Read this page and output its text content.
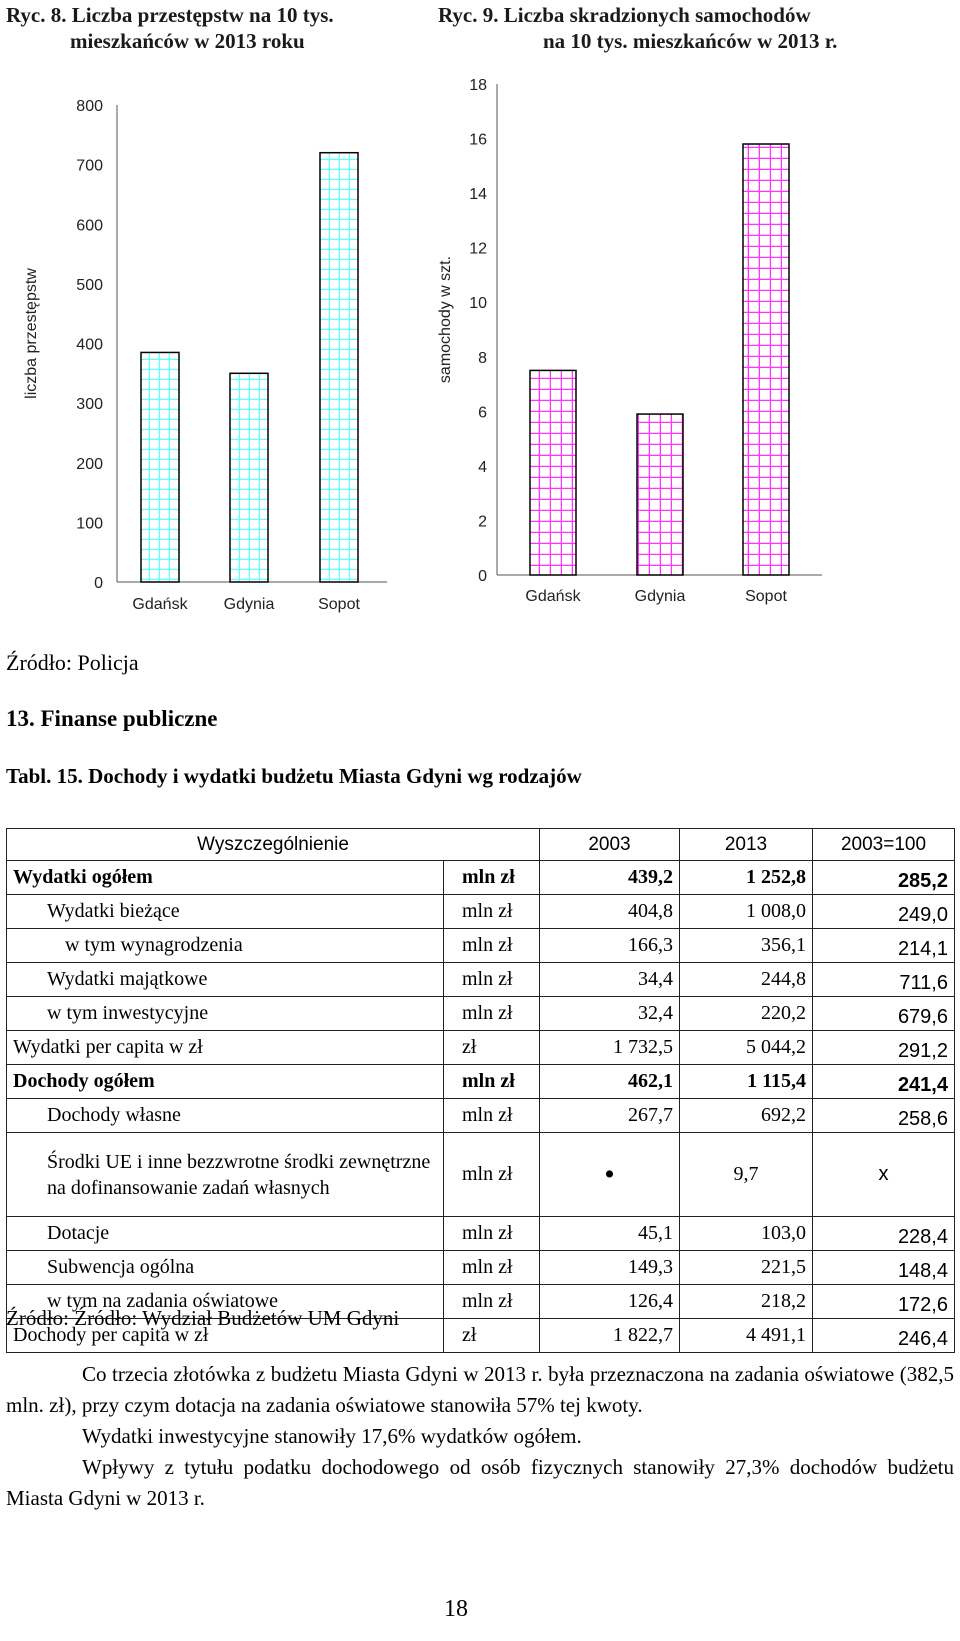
Ryc. 8. Liczba przestępstw na 10 tys.
mieszkańców w 2013 roku
Ryc. 9. Liczba skradzionych samochodów
na 10 tys. mieszkańców w 2013 r.
0
100
200
300
400
500
600
700
800
liczba przestępstw
Gdańsk Gdynia	Sopot
0
2
4
6
8
10
12
14
16
18
samochody w szt.
Gdańsk	Gdynia	Sopot
Źródło: Policja
13. Finanse publiczne
Tabl. 15. Dochody i wydatki budżetu Miasta Gdyni wg rodzajów
Wyszczególnienie		2003	2013	2003=100
Wydatki ogółem	mln zł	439,2	1 252,8	285,2
Wydatki bieżące	mln zł	404,8	1 008,0	249,0
w tym wynagrodzenia	mln zł	166,3	356,1	214,1
Wydatki majątkowe	mln zł	34,4	244,8	711,6
w tym inwestycyjne	mln zł	32,4	220,2	679,6
Wydatki per capita w zł	zł	1 732,5	5 044,2	291,2
Dochody ogółem	mln zł	462,1	1 115,4	241,4
Dochody własne	mln zł	267,7	692,2	258,6
Środki UE i inne bezzwrotne środki zewnętrzne na dofinansowanie zadań własnych	mln zł	•	9,7	x
Dotacje	mln zł	45,1	103,0	228,4
Subwencja ogólna	mln zł	149,3	221,5	148,4
w tym na zadania oświatowe	mln zł	126,4	218,2	172,6
Dochody per capita w zł	zł	1 822,7	4 491,1	246,4
Źródło: Źródło: Wydział Budżetów UM Gdyni
Co trzecia złotówka z budżetu Miasta Gdyni w 2013 r. była przeznaczona na zadania oświatowe (382,5 mln. zł), przy czym dotacja na zadania oświatowe stanowiła 57% tej kwoty.
Wydatki inwestycyjne stanowiły 17,6% wydatków ogółem.
Wpływy z tytułu podatku dochodowego od osób fizycznych stanowiły 27,3% dochodów budżetu Miasta Gdyni w 2013 r.
18
